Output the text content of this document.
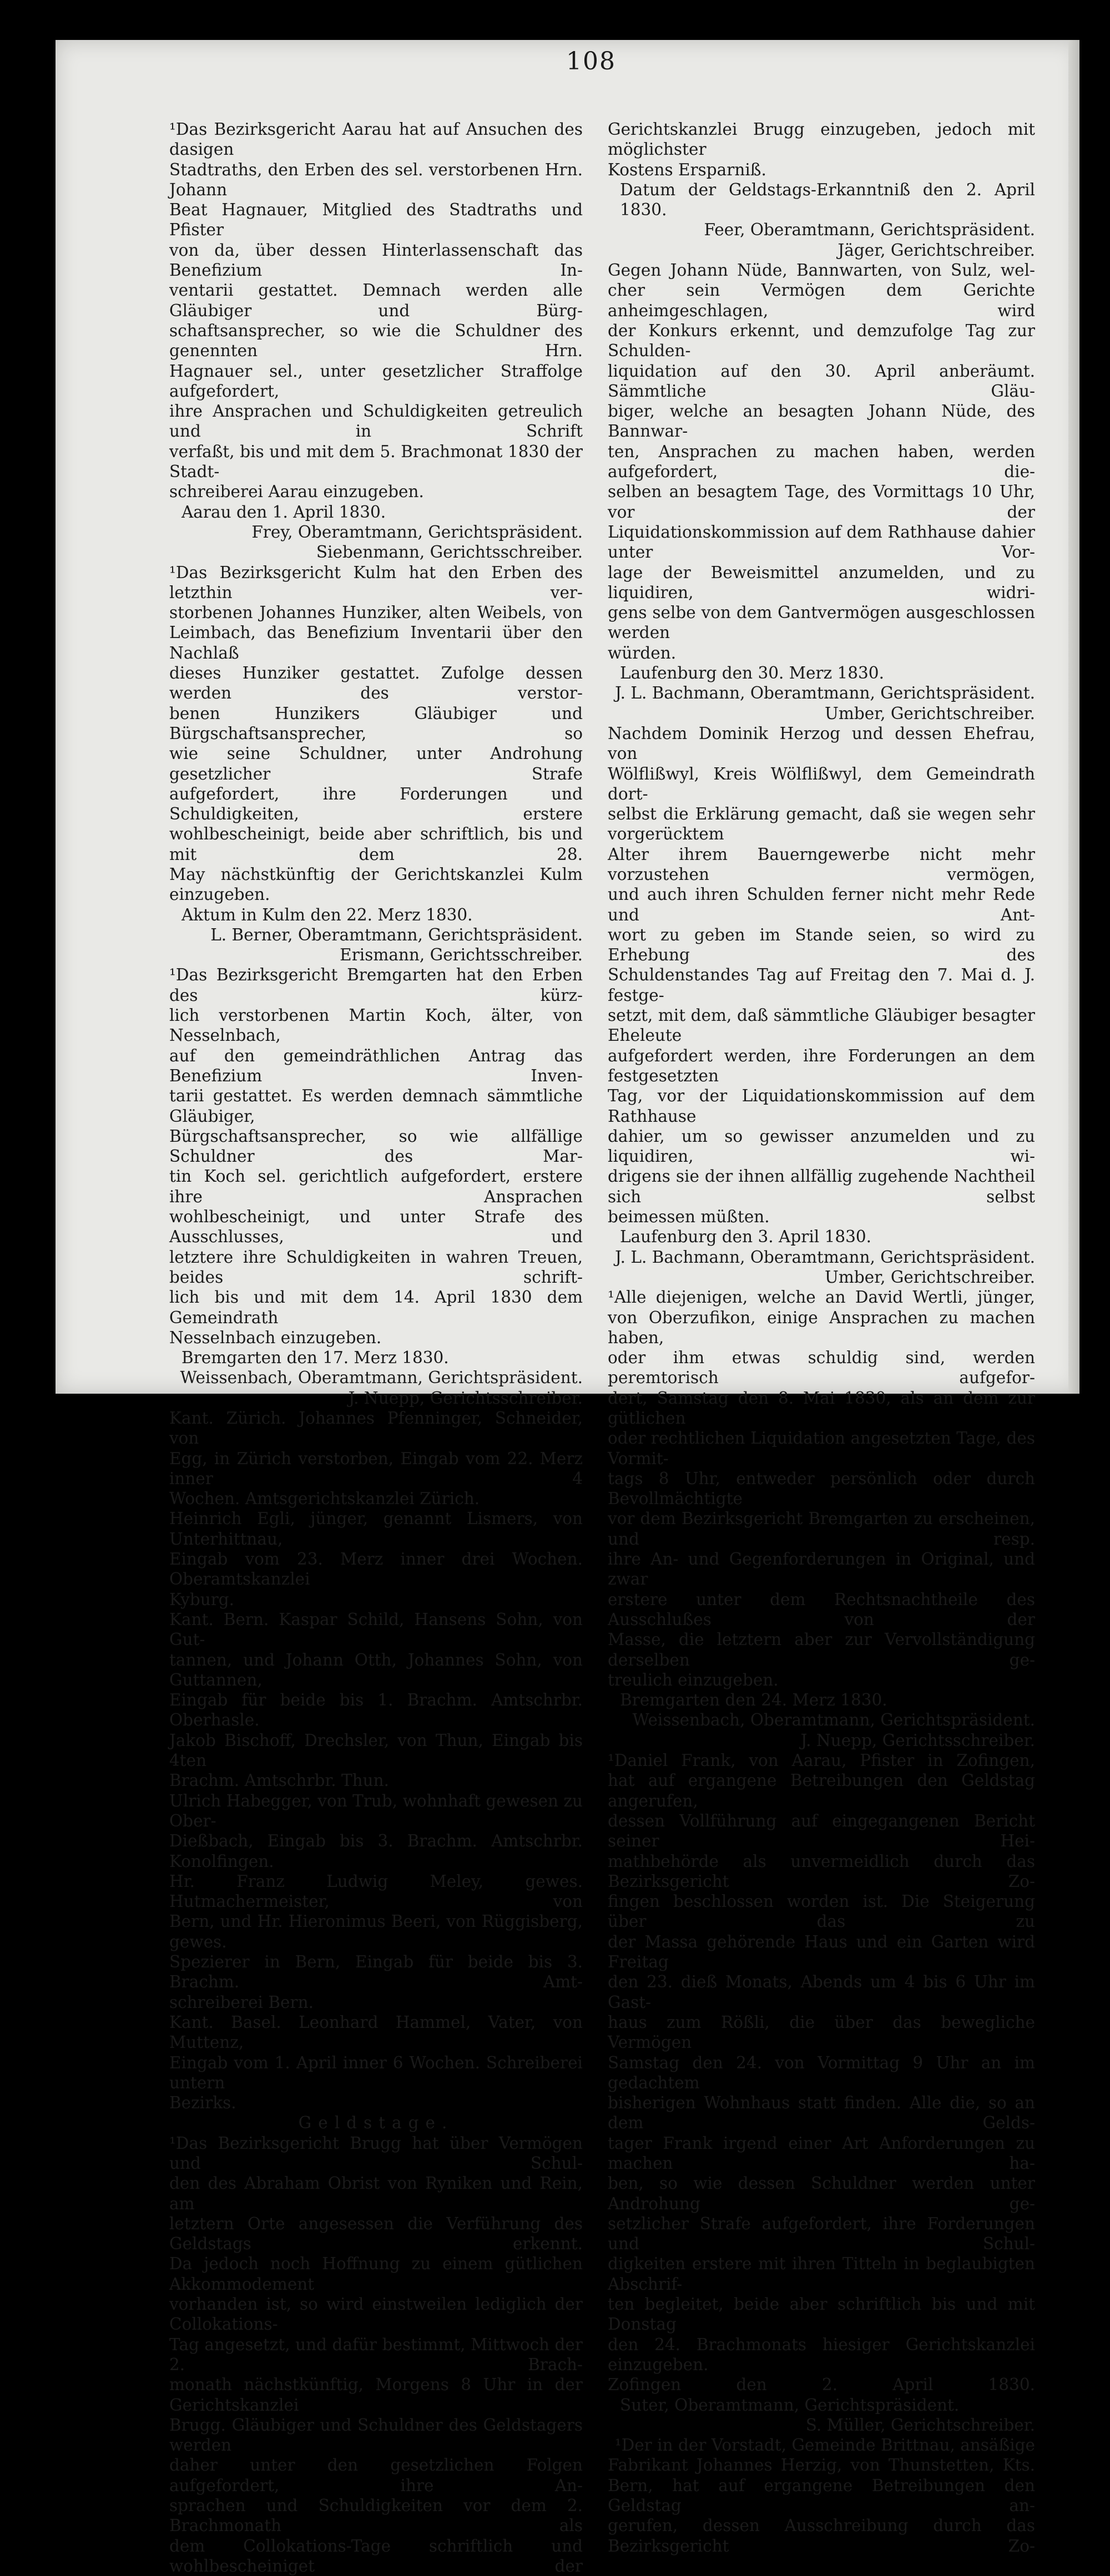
108

¹Das Bezirksgericht Aarau hat auf Ansuchen des dasigen

Stadtraths, den Erben des sel. verstorbenen Hrn. Johann

Beat Hagnauer, Mitglied des Stadtraths und Pfister

von da, über dessen Hinterlassenschaft das Benefizium In-

ventarii gestattet. Demnach werden alle Gläubiger und Bürg-

schaftsansprecher, so wie die Schuldner des genennten Hrn.

Hagnauer sel., unter gesetzlicher Straffolge aufgefordert,

ihre Ansprachen und Schuldigkeiten getreulich und in Schrift

verfaßt, bis und mit dem 5. Brachmonat 1830 der Stadt-

schreiberei Aarau einzugeben.

Aarau den 1. April 1830.

Frey, Oberamtmann, Gerichtspräsident.

Siebenmann, Gerichtsschreiber.

¹Das Bezirksgericht Kulm hat den Erben des letzthin ver-

storbenen Johannes Hunziker, alten Weibels, von

Leimbach, das Benefizium Inventarii über den Nachlaß

dieses Hunziker gestattet. Zufolge dessen werden des verstor-

benen Hunzikers Gläubiger und Bürgschaftsansprecher, so

wie seine Schuldner, unter Androhung gesetzlicher Strafe

aufgefordert, ihre Forderungen und Schuldigkeiten, erstere

wohlbescheinigt, beide aber schriftlich, bis und mit dem 28.

May nächstkünftig der Gerichtskanzlei Kulm einzugeben.

Aktum in Kulm den 22. Merz 1830.

L. Berner, Oberamtmann, Gerichtspräsident.

Erismann, Gerichtsschreiber.

¹Das Bezirksgericht Bremgarten hat den Erben des kürz-

lich verstorbenen Martin Koch, älter, von Nesselnbach,

auf den gemeindräthlichen Antrag das Benefizium Inven-

tarii gestattet. Es werden demnach sämmtliche Gläubiger,

Bürgschaftsansprecher, so wie allfällige Schuldner des Mar-

tin Koch sel. gerichtlich aufgefordert, erstere ihre Ansprachen

wohlbescheinigt, und unter Strafe des Ausschlusses, und

letztere ihre Schuldigkeiten in wahren Treuen, beides schrift-

lich bis und mit dem 14. April 1830 dem Gemeindrath

Nesselnbach einzugeben.

Bremgarten den 17. Merz 1830.

Weissenbach, Oberamtmann, Gerichtspräsident.

J. Nuepp, Gerichtsschreiber.

Kant. Zürich. Johannes Pfenninger, Schneider, von

Egg, in Zürich verstorben, Eingab vom 22. Merz inner 4

Wochen. Amtsgerichtskanzlei Zürich.

Heinrich Egli, jünger, genannt Lismers, von Unterhittnau,

Eingab vom 23. Merz inner drei Wochen. Oberamtskanzlei

Kyburg.

Kant. Bern. Kaspar Schild, Hansens Sohn, von Gut-

tannen, und Johann Otth, Johannes Sohn, von Guttannen,

Eingab für beide bis 1. Brachm. Amtschrbr. Oberhasle.

Jakob Bischoff, Drechsler, von Thun, Eingab bis 4ten

Brachm. Amtschrbr. Thun.

Ulrich Habegger, von Trub, wohnhaft gewesen zu Ober-

Dießbach, Eingab bis 3. Brachm. Amtschrbr. Konolfingen.

Hr. Franz Ludwig Meley, gewes. Hutmachermeister, von

Bern, und Hr. Hieronimus Beeri, von Rüggisberg, gewes.

Spezierer in Bern, Eingab für beide bis 3. Brachm. Amt-

schreiberei Bern.

Kant. Basel. Leonhard Hammel, Vater, von Muttenz,

Eingab vom 1. April inner 6 Wochen. Schreiberei untern

Bezirks.

Geldstage.

¹Das Bezirksgericht Brugg hat über Vermögen und Schul-

den des Abraham Obrist von Ryniken und Rein, am

letztern Orte angesessen die Verführung des Geldstags erkennt.

Da jedoch noch Hoffnung zu einem gütlichen Akkommodement

vorhanden ist, so wird einstweilen lediglich der Collokations-

Tag angesetzt, und dafür bestimmt, Mittwoch der 2. Brach-

monath nächstkünftig, Morgens 8 Uhr in der Gerichtskanzlei

Brugg. Gläubiger und Schuldner des Geldstagers werden

daher unter den gesetzlichen Folgen aufgefordert, ihre An-

sprachen und Schuldigkeiten vor dem 2. Brachmonath als

dem Collokations-Tage schriftlich und wohlbescheiniget der

Gerichtskanzlei Brugg einzugeben, jedoch mit möglichster

Kostens Ersparniß.

Datum der Geldstags-Erkanntniß den 2. April 1830.

Feer, Oberamtmann, Gerichtspräsident.

Jäger, Gerichtschreiber.

Gegen Johann Nüde, Bannwarten, von Sulz, wel-

cher sein Vermögen dem Gerichte anheimgeschlagen, wird

der Konkurs erkennt, und demzufolge Tag zur Schulden-

liquidation auf den 30. April anberäumt. Sämmtliche Gläu-

biger, welche an besagten Johann Nüde, des Bannwar-

ten, Ansprachen zu machen haben, werden aufgefordert, die-

selben an besagtem Tage, des Vormittags 10 Uhr, vor der

Liquidationskommission auf dem Rathhause dahier unter Vor-

lage der Beweismittel anzumelden, und zu liquidiren, widri-

gens selbe von dem Gantvermögen ausgeschlossen werden

würden.

Laufenburg den 30. Merz 1830.

J. L. Bachmann, Oberamtmann, Gerichtspräsident.

Umber, Gerichtschreiber.

Nachdem Dominik Herzog und dessen Ehefrau, von

Wölflißwyl, Kreis Wölflißwyl, dem Gemeindrath dort-

selbst die Erklärung gemacht, daß sie wegen sehr vorgerücktem

Alter ihrem Bauerngewerbe nicht mehr vorzustehen vermögen,

und auch ihren Schulden ferner nicht mehr Rede und Ant-

wort zu geben im Stande seien, so wird zu Erhebung des

Schuldenstandes Tag auf Freitag den 7. Mai d. J. festge-

setzt, mit dem, daß sämmtliche Gläubiger besagter Eheleute

aufgefordert werden, ihre Forderungen an dem festgesetzten

Tag, vor der Liquidationskommission auf dem Rathhause

dahier, um so gewisser anzumelden und zu liquidiren, wi-

drigens sie der ihnen allfällig zugehende Nachtheil sich selbst

beimessen müßten.

Laufenburg den 3. April 1830.

J. L. Bachmann, Oberamtmann, Gerichtspräsident.

Umber, Gerichtschreiber.

¹Alle diejenigen, welche an David Wertli, jünger,

von Oberzufikon, einige Ansprachen zu machen haben,

oder ihm etwas schuldig sind, werden peremtorisch aufgefor-

dert, Samstag den 8. Mai 1830, als an dem zur gütlichen

oder rechtlichen Liquidation angesetzten Tage, des Vormit-

tags 8 Uhr, entweder persönlich oder durch Bevollmächtigte

vor dem Bezirksgericht Bremgarten zu erscheinen, und resp.

ihre An- und Gegenforderungen in Original, und zwar

erstere unter dem Rechtsnachtheile des Ausschlußes von der

Masse, die letztern aber zur Vervollständigung derselben ge-

treulich einzugeben.

Bremgarten den 24. Merz 1830.

Weissenbach, Oberamtmann, Gerichtspräsident.

J. Nuepp, Gerichtsschreiber.

¹Daniel Frank, von Aarau, Pfister in Zofingen,

hat auf ergangene Betreibungen den Geldstag angerufen,

dessen Vollführung auf eingegangenen Bericht seiner Hei-

mathbehörde als unvermeidlich durch das Bezirksgericht Zo-

fingen beschlossen worden ist. Die Steigerung über das zu

der Massa gehörende Haus und ein Garten wird Freitag

den 23. dieß Monats, Abends um 4 bis 6 Uhr im Gast-

haus zum Rößli, die über das bewegliche Vermögen

Samstag den 24. von Vormittag 9 Uhr an im gedachtem

bisherigen Wohnhaus statt finden. Alle die, so an dem Gelds-

tager Frank irgend einer Art Anforderungen zu machen ha-

ben, so wie dessen Schuldner werden unter Androhung ge-

setzlicher Strafe aufgefordert, ihre Forderungen und Schul-

digkeiten erstere mit ihren Titteln in beglaubigten Abschrif-

ten begleitet, beide aber schriftlich bis und mit Donstag

den 24. Brachmonats hiesiger Gerichtskanzlei einzugeben.

Zofingen den 2. April 1830.

Suter, Oberamtmann, Gerichtspräsident.

S. Müller, Gerichtschreiber.

¹Der in der Vorstadt, Gemeinde Brittnau, ansäßige

Fabrikant Johannes Herzig, von Thunstetten, Kts.

Bern, hat auf ergangene Betreibungen den Geldstag an-

gerufen, dessen Ausschreibung durch das Bezirksgericht Zo-
